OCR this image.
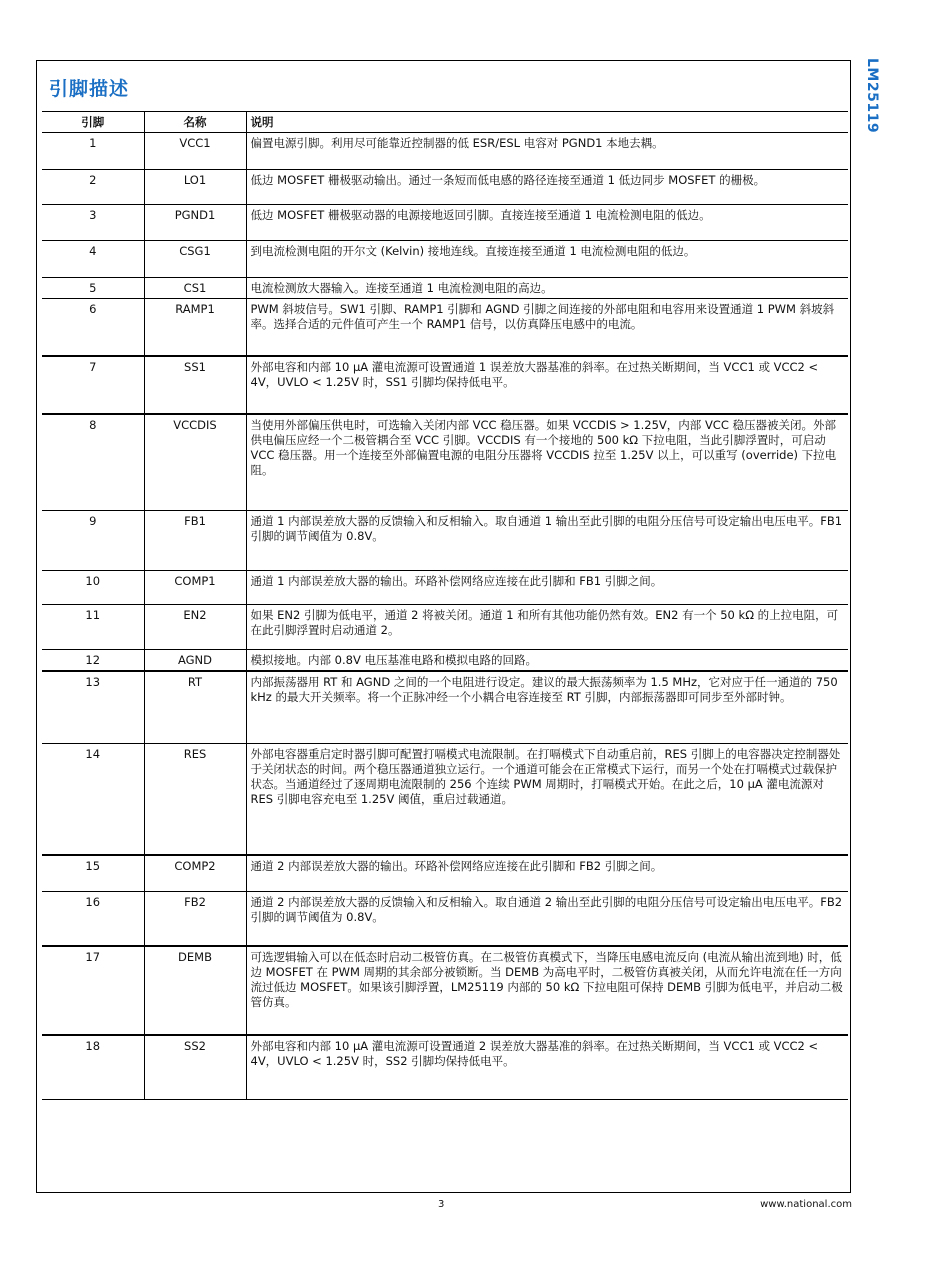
引脚描述	LM25119
引脚	名称	说明
1	VCC1	偏置电源引脚。利用尽可能靠近控制器的低 ESR/ESL 电容对 PGND1 本地去耦。
2	LO1	低边 MOSFET 栅极驱动输出。通过一条短而低电感的路径连接至通道 1 低边同步 MOSFET 的栅极。
3	PGND1	低边 MOSFET 栅极驱动器的电源接地返回引脚。直接连接至通道 1 电流检测电阻的低边。
4	CSG1	到电流检测电阻的开尔文 (Kelvin) 接地连线。直接连接至通道 1 电流检测电阻的低边。
5	CS1	电流检测放大器输入。连接至通道 1 电流检测电阻的高边。
6	RAMP1	PWM 斜坡信号。SW1 引脚、RAMP1 引脚和 AGND 引脚之间连接的外部电阻和电容用来设置通道 1 PWM 斜坡斜率。选择合适的元件值可产生一个 RAMP1 信号，以仿真降压电感中的电流。
7	SS1	外部电容和内部 10 µA 灌电流源可设置通道 1 误差放大器基准的斜率。在过热关断期间，当 VCC1 或 VCC2 < 4V，UVLO < 1.25V 时，SS1 引脚均保持低电平。
8	VCCDIS	当使用外部偏压供电时，可选输入关闭内部 VCC 稳压器。如果 VCCDIS > 1.25V，内部 VCC 稳压器被关闭。外部供电偏压应经一个二极管耦合至 VCC 引脚。VCCDIS 有一个接地的 500 kΩ 下拉电阻，当此引脚浮置时，可启动 VCC 稳压器。用一个连接至外部偏置电源的电阻分压器将 VCCDIS 拉至 1.25V 以上，可以重写 (override) 下拉电阻。
9	FB1	通道 1 内部误差放大器的反馈输入和反相输入。取自通道 1 输出至此引脚的电阻分压信号可设定输出电压电平。FB1 引脚的调节阈值为 0.8V。
10	COMP1	通道 1 内部误差放大器的输出。环路补偿网络应连接在此引脚和 FB1 引脚之间。
11	EN2	如果 EN2 引脚为低电平，通道 2 将被关闭。通道 1 和所有其他功能仍然有效。EN2 有一个 50 kΩ 的上拉电阻，可在此引脚浮置时启动通道 2。
12	AGND	模拟接地。内部 0.8V 电压基准电路和模拟电路的回路。
13	RT	内部振荡器用 RT 和 AGND 之间的一个电阻进行设定。建议的最大振荡频率为 1.5 MHz，它对应于任一通道的 750 kHz 的最大开关频率。将一个正脉冲经一个小耦合电容连接至 RT 引脚，内部振荡器即可同步至外部时钟。
14	RES	外部电容器重启定时器引脚可配置打嗝模式电流限制。在打嗝模式下自动重启前，RES 引脚上的电容器决定控制器处于关闭状态的时间。两个稳压器通道独立运行。一个通道可能会在正常模式下运行，而另一个处在打嗝模式过载保护状态。当通道经过了逐周期电流限制的 256 个连续 PWM 周期时，打嗝模式开始。在此之后，10 µA 灌电流源对 RES 引脚电容充电至 1.25V 阈值，重启过载通道。
15	COMP2	通道 2 内部误差放大器的输出。环路补偿网络应连接在此引脚和 FB2 引脚之间。
16	FB2	通道 2 内部误差放大器的反馈输入和反相输入。取自通道 2 输出至此引脚的电阻分压信号可设定输出电压电平。FB2 引脚的调节阈值为 0.8V。
17	DEMB	可选逻辑输入可以在低态时启动二极管仿真。在二极管仿真模式下，当降压电感电流反向 (电流从输出流到地) 时，低边 MOSFET 在 PWM 周期的其余部分被锁断。当 DEMB 为高电平时，二极管仿真被关闭，从而允许电流在任一方向流过低边 MOSFET。如果该引脚浮置，LM25119 内部的 50 kΩ 下拉电阻可保持 DEMB 引脚为低电平，并启动二极管仿真。
18	SS2	外部电容和内部 10 µA 灌电流源可设置通道 2 误差放大器基准的斜率。在过热关断期间，当 VCC1 或 VCC2 < 4V，UVLO < 1.25V 时，SS2 引脚均保持低电平。
3	www.national.com
